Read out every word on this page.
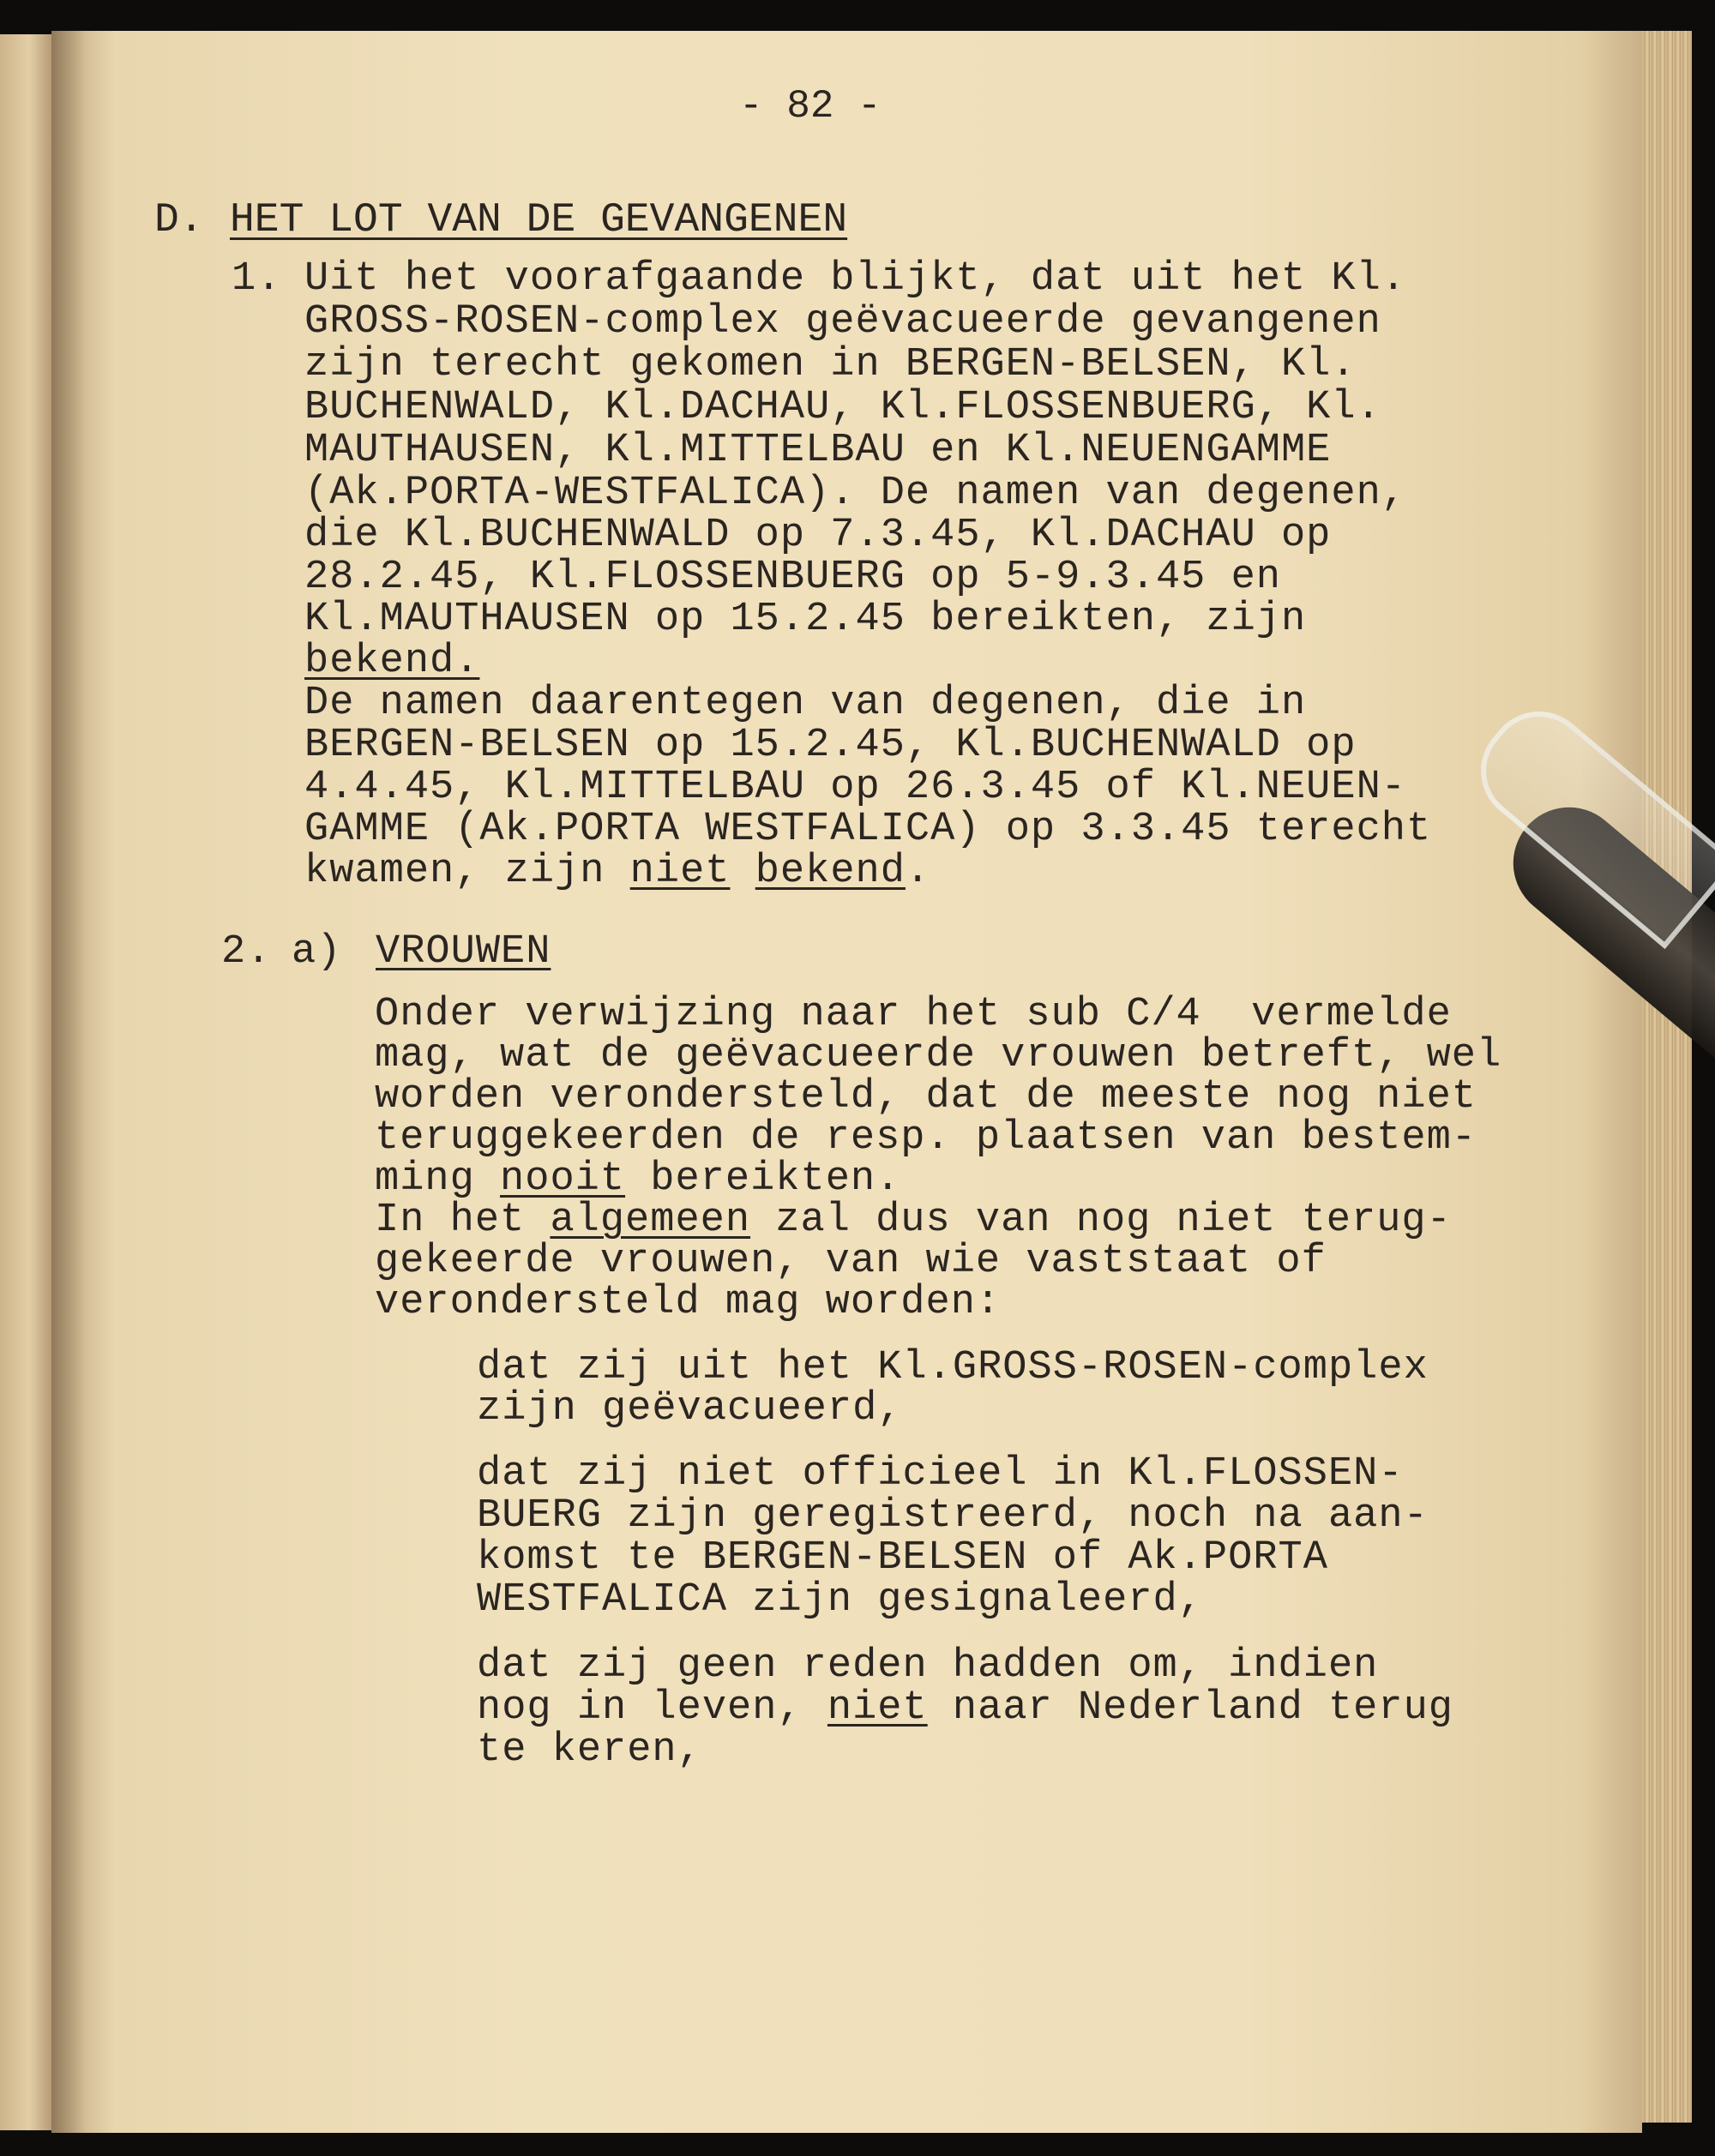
- 82 -
D. HET LOT VAN DE GEVANGENEN
1. Uit het voorafgaande blijkt, dat uit het Kl.
GROSS-ROSEN-complex geëvacueerde gevangenen
zijn terecht gekomen in BERGEN-BELSEN, Kl.
BUCHENWALD, Kl.DACHAU, Kl.FLOSSENBUERG, Kl.
MAUTHAUSEN, Kl.MITTELBAU en Kl.NEUENGAMME
(Ak.PORTA-WESTFALICA). De namen van degenen,
die Kl.BUCHENWALD op 7.3.45, Kl.DACHAU op
28.2.45, Kl.FLOSSENBUERG op 5-9.3.45 en
Kl.MAUTHAUSEN op 15.2.45 bereikten, zijn
bekend.
De namen daarentegen van degenen, die in
BERGEN-BELSEN op 15.2.45, Kl.BUCHENWALD op
4.4.45, Kl.MITTELBAU op 26.3.45 of Kl.NEUEN-
GAMME (Ak.PORTA WESTFALICA) op 3.3.45 terecht
kwamen, zijn niet bekend.
2. a) VROUWEN
Onder verwijzing naar het sub C/4  vermelde
mag, wat de geëvacueerde vrouwen betreft, wel
worden verondersteld, dat de meeste nog niet
teruggekeerden de resp. plaatsen van bestem-
ming nooit bereikten.
In het algemeen zal dus van nog niet terug-
gekeerde vrouwen, van wie vaststaat of
verondersteld mag worden:
dat zij uit het Kl.GROSS-ROSEN-complex
zijn geëvacueerd,
dat zij niet officieel in Kl.FLOSSEN-
BUERG zijn geregistreerd, noch na aan-
komst te BERGEN-BELSEN of Ak.PORTA
WESTFALICA zijn gesignaleerd,
dat zij geen reden hadden om, indien
nog in leven, niet naar Nederland terug
te keren,
